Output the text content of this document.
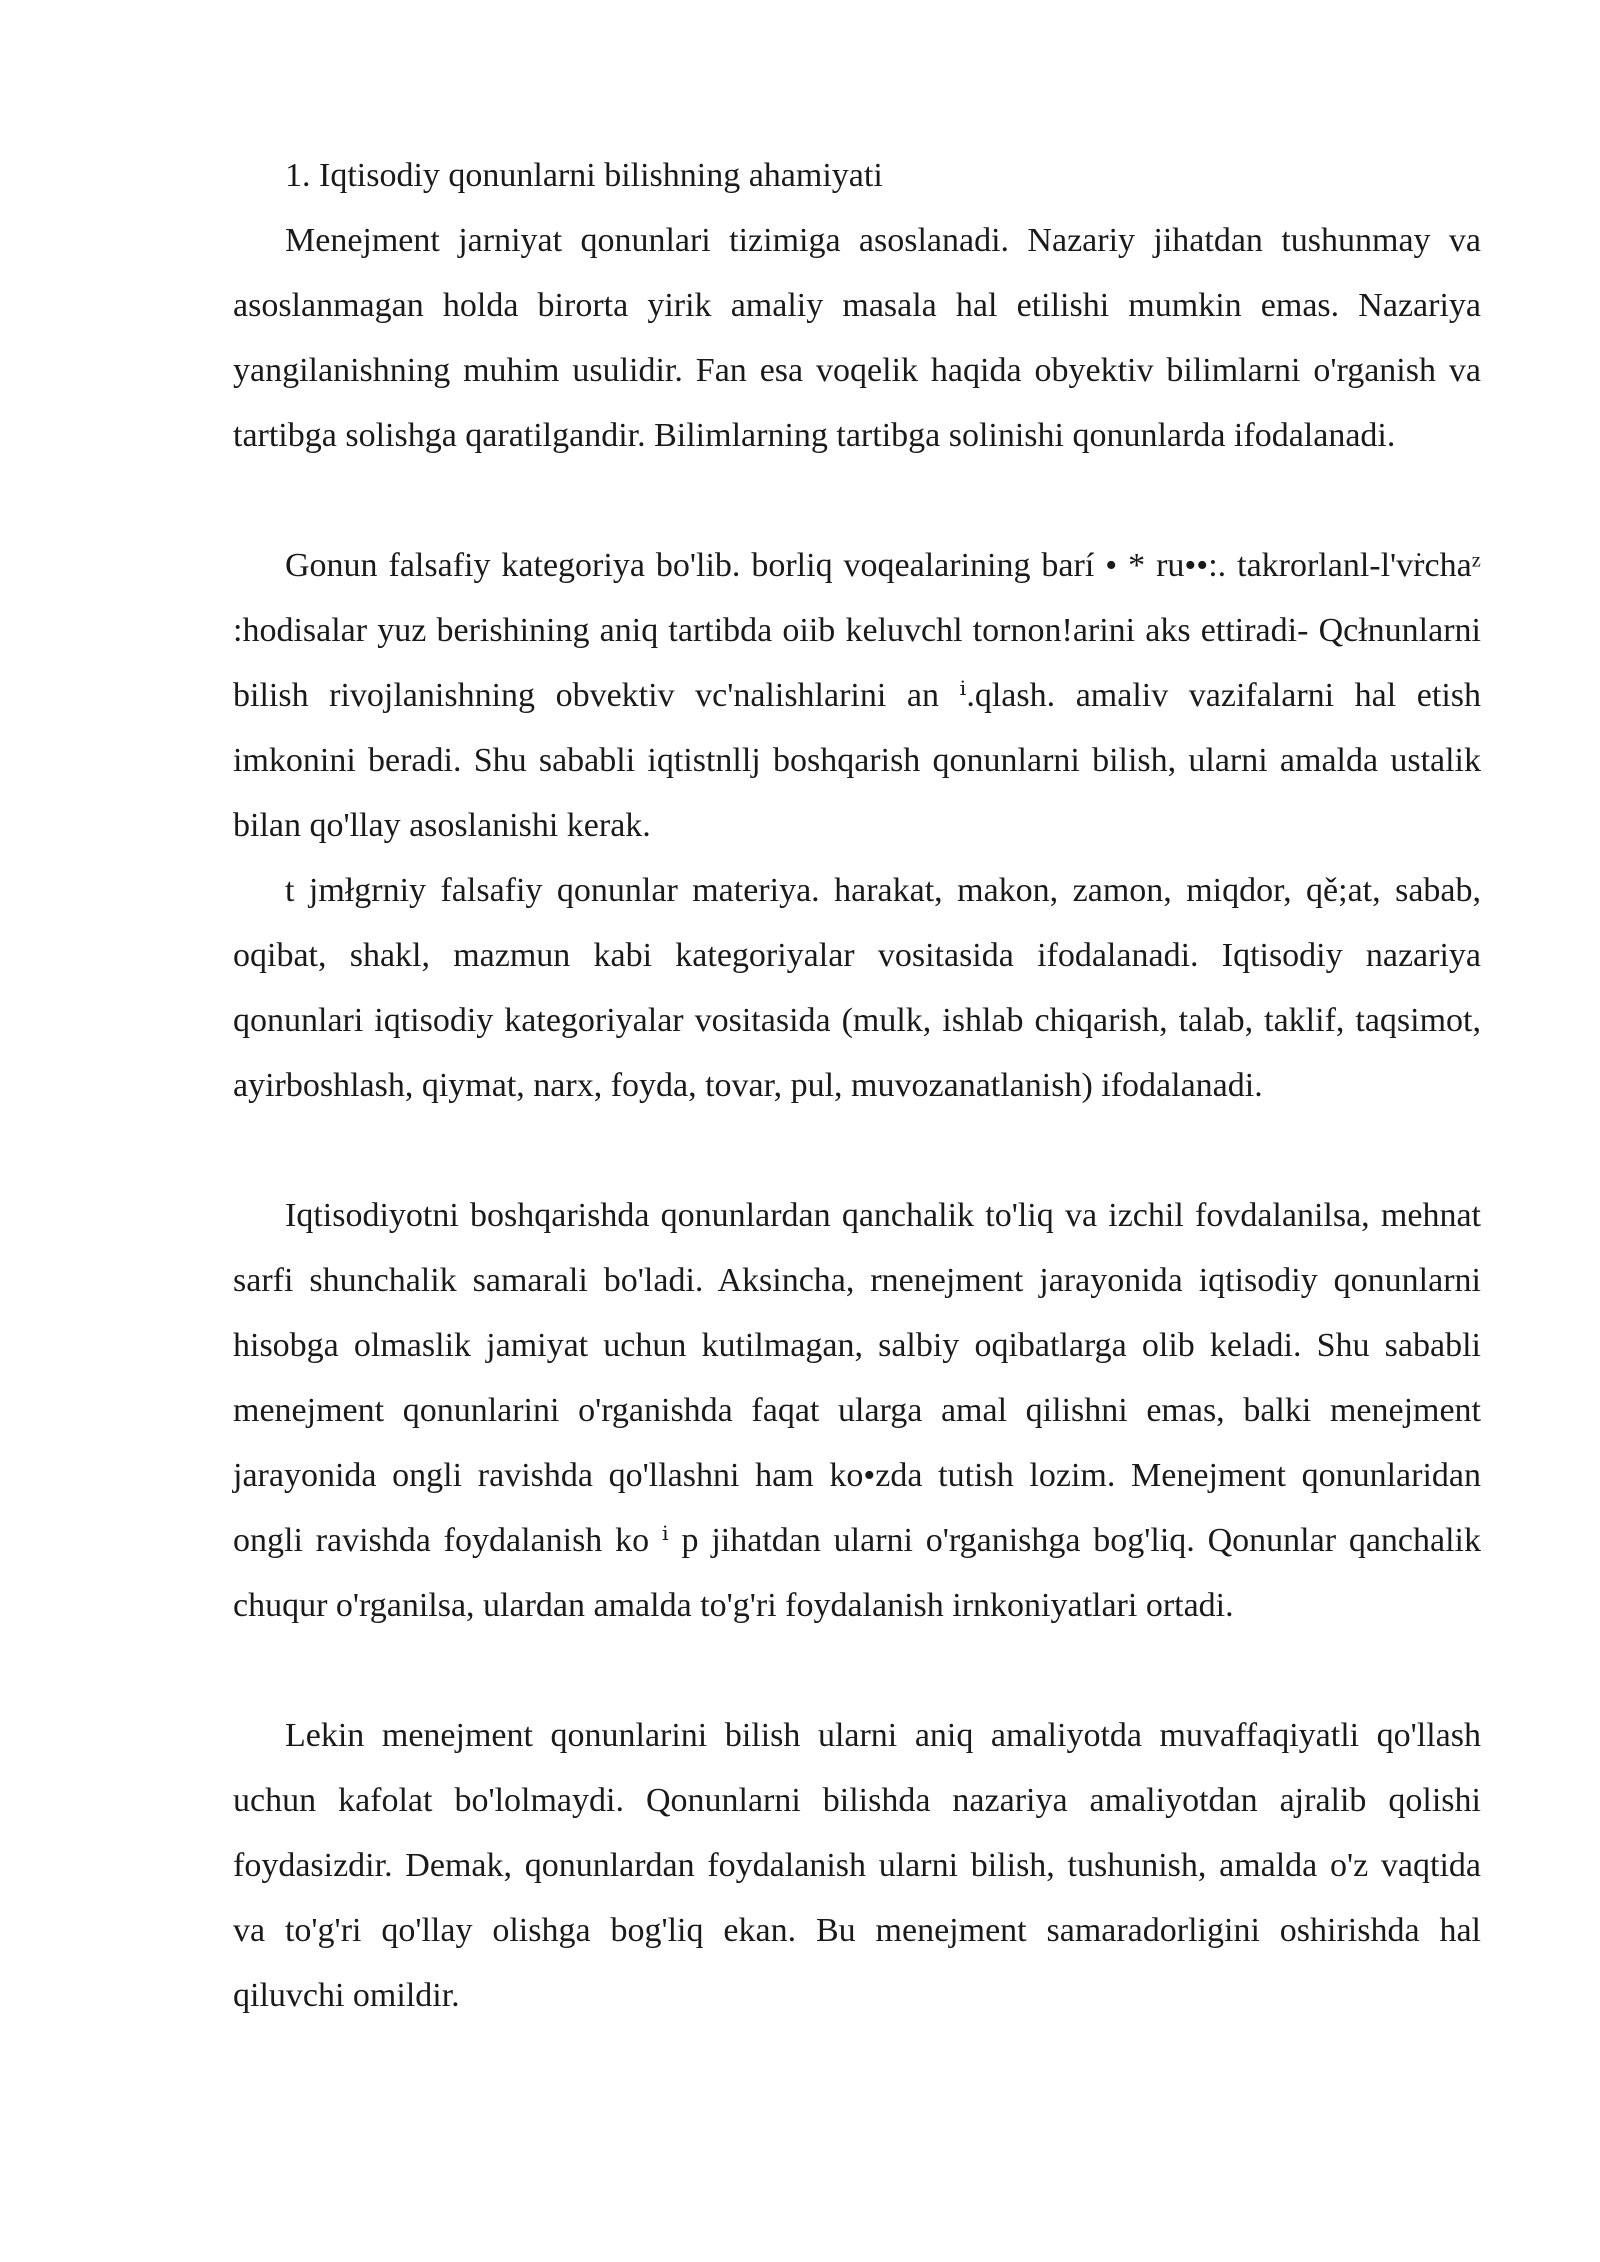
1. Iqtisodiy qonunlarni bilishning ahamiyati

Menejment jarniyat qonunlari tizimiga asoslanadi. Nazariy jihatdan tushunmay va asoslanmagan holda birorta yirik amaliy masala hal etilishi mumkin emas. Nazariya yangilanishning muhim usulidir. Fan esa voqelik haqida obyektiv bilimlarni o'rganish va tartibga solishga qaratilgandir. Bilimlarning tartibga solinishi qonunlarda ifodalanadi.

Gonun falsafiy kategoriya bo'lib. borliq voqealarining barí • * ru••:. takrorlanl-l'v͘rchaᶻ :hodisalar yuz berishining aniq tartibda oiib keluvchl tornon!arini aks ettiradi- Qcłnunlarni bilish rivojlanishning obvektiv vc'nalishlarini an ⁱ.qlash. amaliv vazifalarni hal etish imkonini beradi. Shu sababli iqtistnllj boshqarish qonunlarni bilish, ularni amalda ustalik bilan qo'llay asoslanishi kerak.

t jmłgrniy falsafiy qonunlar materiya. harakat, makon, zamon, miqdor, qě;at, sabab, oqibat, shakl, mazmun kabi kategoriyalar vositasida ifodalanadi. Iqtisodiy nazariya qonunlari iqtisodiy kategoriyalar vositasida (mulk, ishlab chiqarish, talab, taklif, taqsimot, ayirboshlash, qiymat, narx, foyda, tovar, pul, muvozanatlanish) ifodalanadi.

Iqtisodiyotni boshqarishda qonunlardan qanchalik to'liq va izchil fovdalanilsa, mehnat sarfi shunchalik samarali bo'ladi. Aksincha, rnenejment jarayonida iqtisodiy qonunlarni hisobga olmaslik jamiyat uchun kutilmagan, salbiy oqibatlarga olib keladi. Shu sababli menejment qonunlarini o'rganishda faqat ularga amal qilishni emas, balki menejment jarayonida ongli ravishda qo'llashni ham ko•zda tutish lozim. Menejment qonunlaridan ongli ravishda foydalanish ko ⁱ p jihatdan ularni o'rganishga bog'liq. Qonunlar qanchalik chuqur o'rganilsa, ulardan amalda to'g'ri foydalanish irnkoniyatlari ortadi.

Lekin menejment qonunlarini bilish ularni aniq amaliyotda muvaffaqiyatli qo'llash uchun kafolat bo'lolmaydi. Qonunlarni bilishda nazariya amaliyotdan ajralib qolishi foydasizdir. Demak, qonunlardan foydalanish ularni bilish, tushunish, amalda o'z vaqtida va to'g'ri qo'llay olishga bog'liq ekan. Bu menejment samaradorligini oshirishda hal qiluvchi omildir.
